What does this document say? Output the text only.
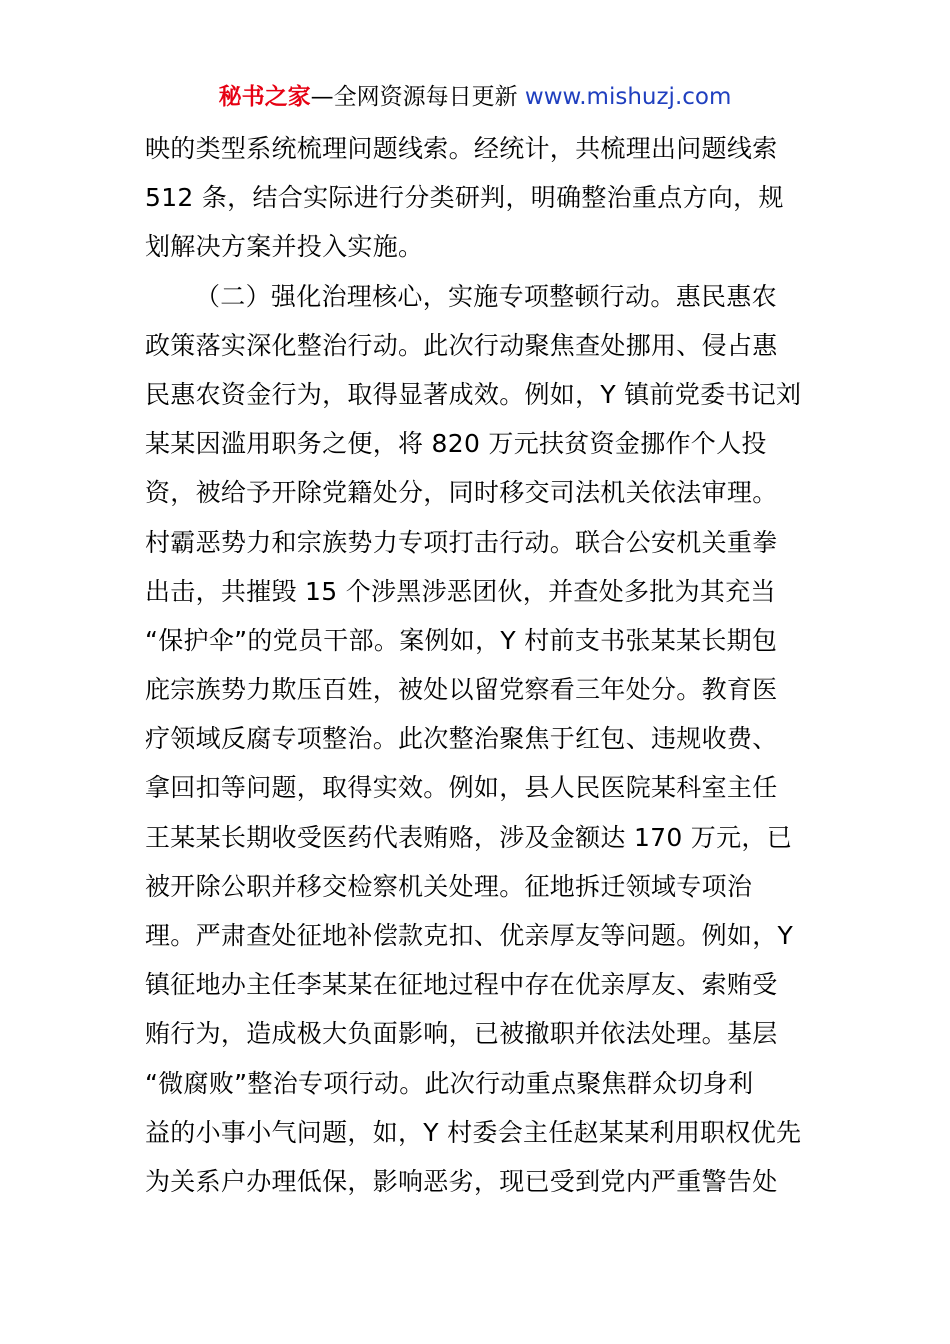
秘书之家—全网资源每日更新 www.mishuzj.com
映的类型系统梳理问题线索。经统计，共梳理出问题线索
512 条，结合实际进行分类研判，明确整治重点方向，规
划解决方案并投入实施。
（二）强化治理核心，实施专项整顿行动。惠民惠农
政策落实深化整治行动。此次行动聚焦查处挪用、侵占惠
民惠农资金行为，取得显著成效。例如，Y 镇前党委书记刘
某某因滥用职务之便，将 820 万元扶贫资金挪作个人投
资，被给予开除党籍处分，同时移交司法机关依法审理。
村霸恶势力和宗族势力专项打击行动。联合公安机关重拳
出击，共摧毁 15 个涉黑涉恶团伙，并查处多批为其充当
“保护伞”的党员干部。案例如，Y 村前支书张某某长期包
庇宗族势力欺压百姓，被处以留党察看三年处分。教育医
疗领域反腐专项整治。此次整治聚焦于红包、违规收费、
拿回扣等问题，取得实效。例如，县人民医院某科室主任
王某某长期收受医药代表贿赂，涉及金额达 170 万元，已
被开除公职并移交检察机关处理。征地拆迁领域专项治
理。严肃查处征地补偿款克扣、优亲厚友等问题。例如，Y
镇征地办主任李某某在征地过程中存在优亲厚友、索贿受
贿行为，造成极大负面影响，已被撤职并依法处理。基层
“微腐败”整治专项行动。此次行动重点聚焦群众切身利
益的小事小气问题，如，Y 村委会主任赵某某利用职权优先
为关系户办理低保，影响恶劣，现已受到党内严重警告处
